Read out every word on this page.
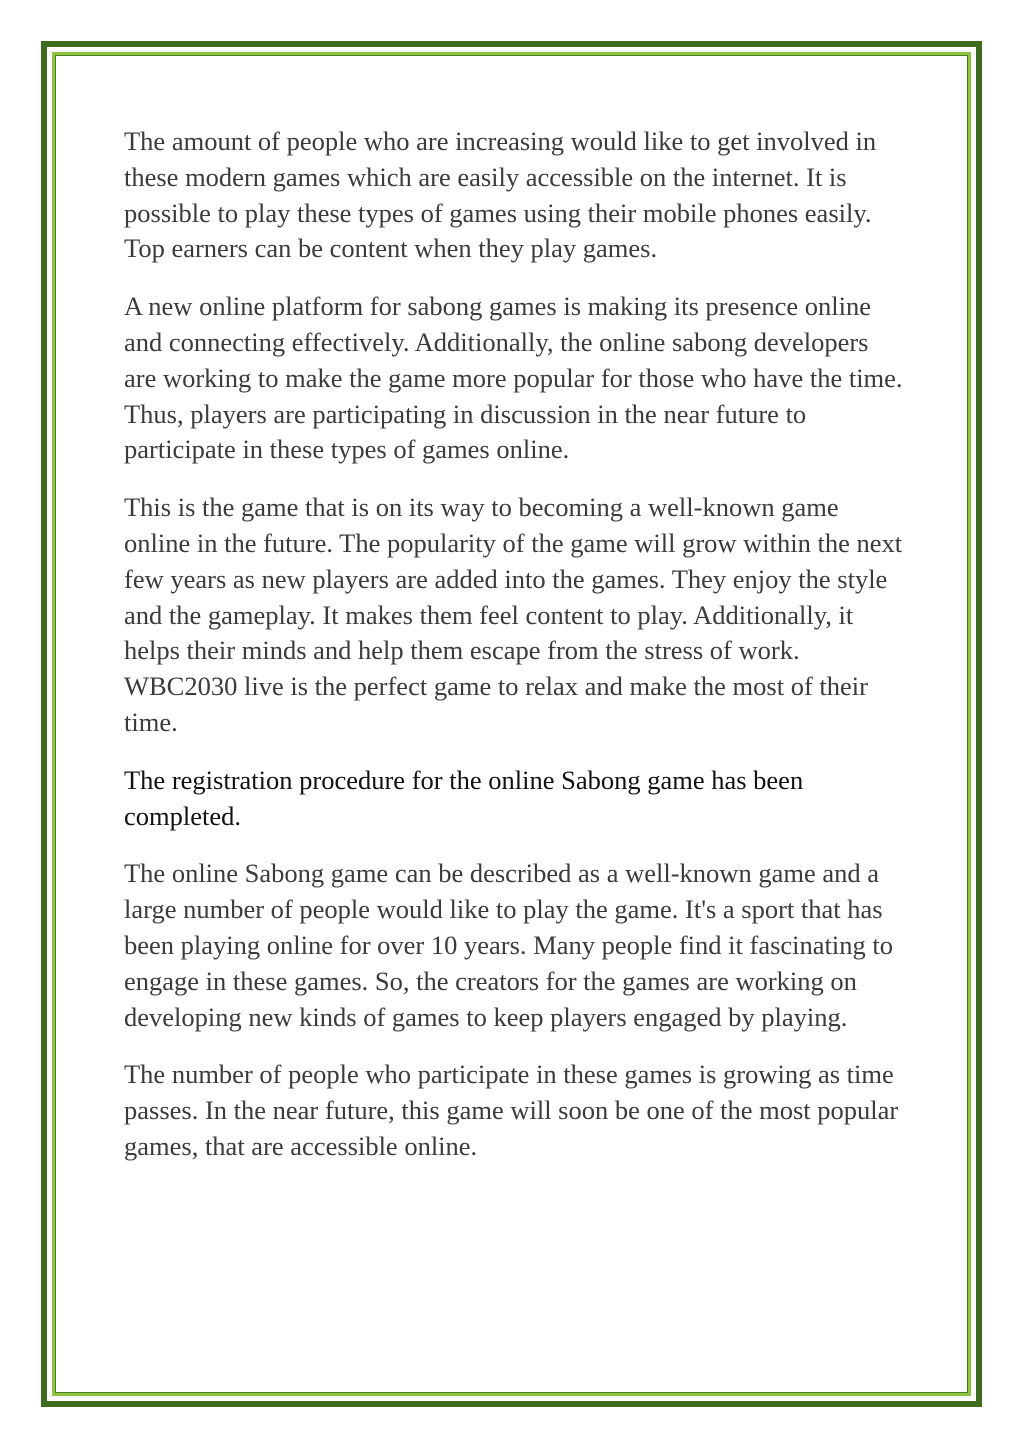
The amount of people who are increasing would like to get involved in these modern games which are easily accessible on the internet. It is possible to play these types of games using their mobile phones easily. Top earners can be content when they play games.

A new online platform for sabong games is making its presence online and connecting effectively. Additionally, the online sabong developers are working to make the game more popular for those who have the time. Thus, players are participating in discussion in the near future to participate in these types of games online.

This is the game that is on its way to becoming a well-known game online in the future. The popularity of the game will grow within the next few years as new players are added into the games. They enjoy the style and the gameplay. It makes them feel content to play. Additionally, it helps their minds and help them escape from the stress of work. WBC2030 live is the perfect game to relax and make the most of their time.

The registration procedure for the online Sabong game has been completed.

The online Sabong game can be described as a well-known game and a large number of people would like to play the game. It's a sport that has been playing online for over 10 years. Many people find it fascinating to engage in these games. So, the creators for the games are working on developing new kinds of games to keep players engaged by playing.

The number of people who participate in these games is growing as time passes. In the near future, this game will soon be one of the most popular games, that are accessible online.
